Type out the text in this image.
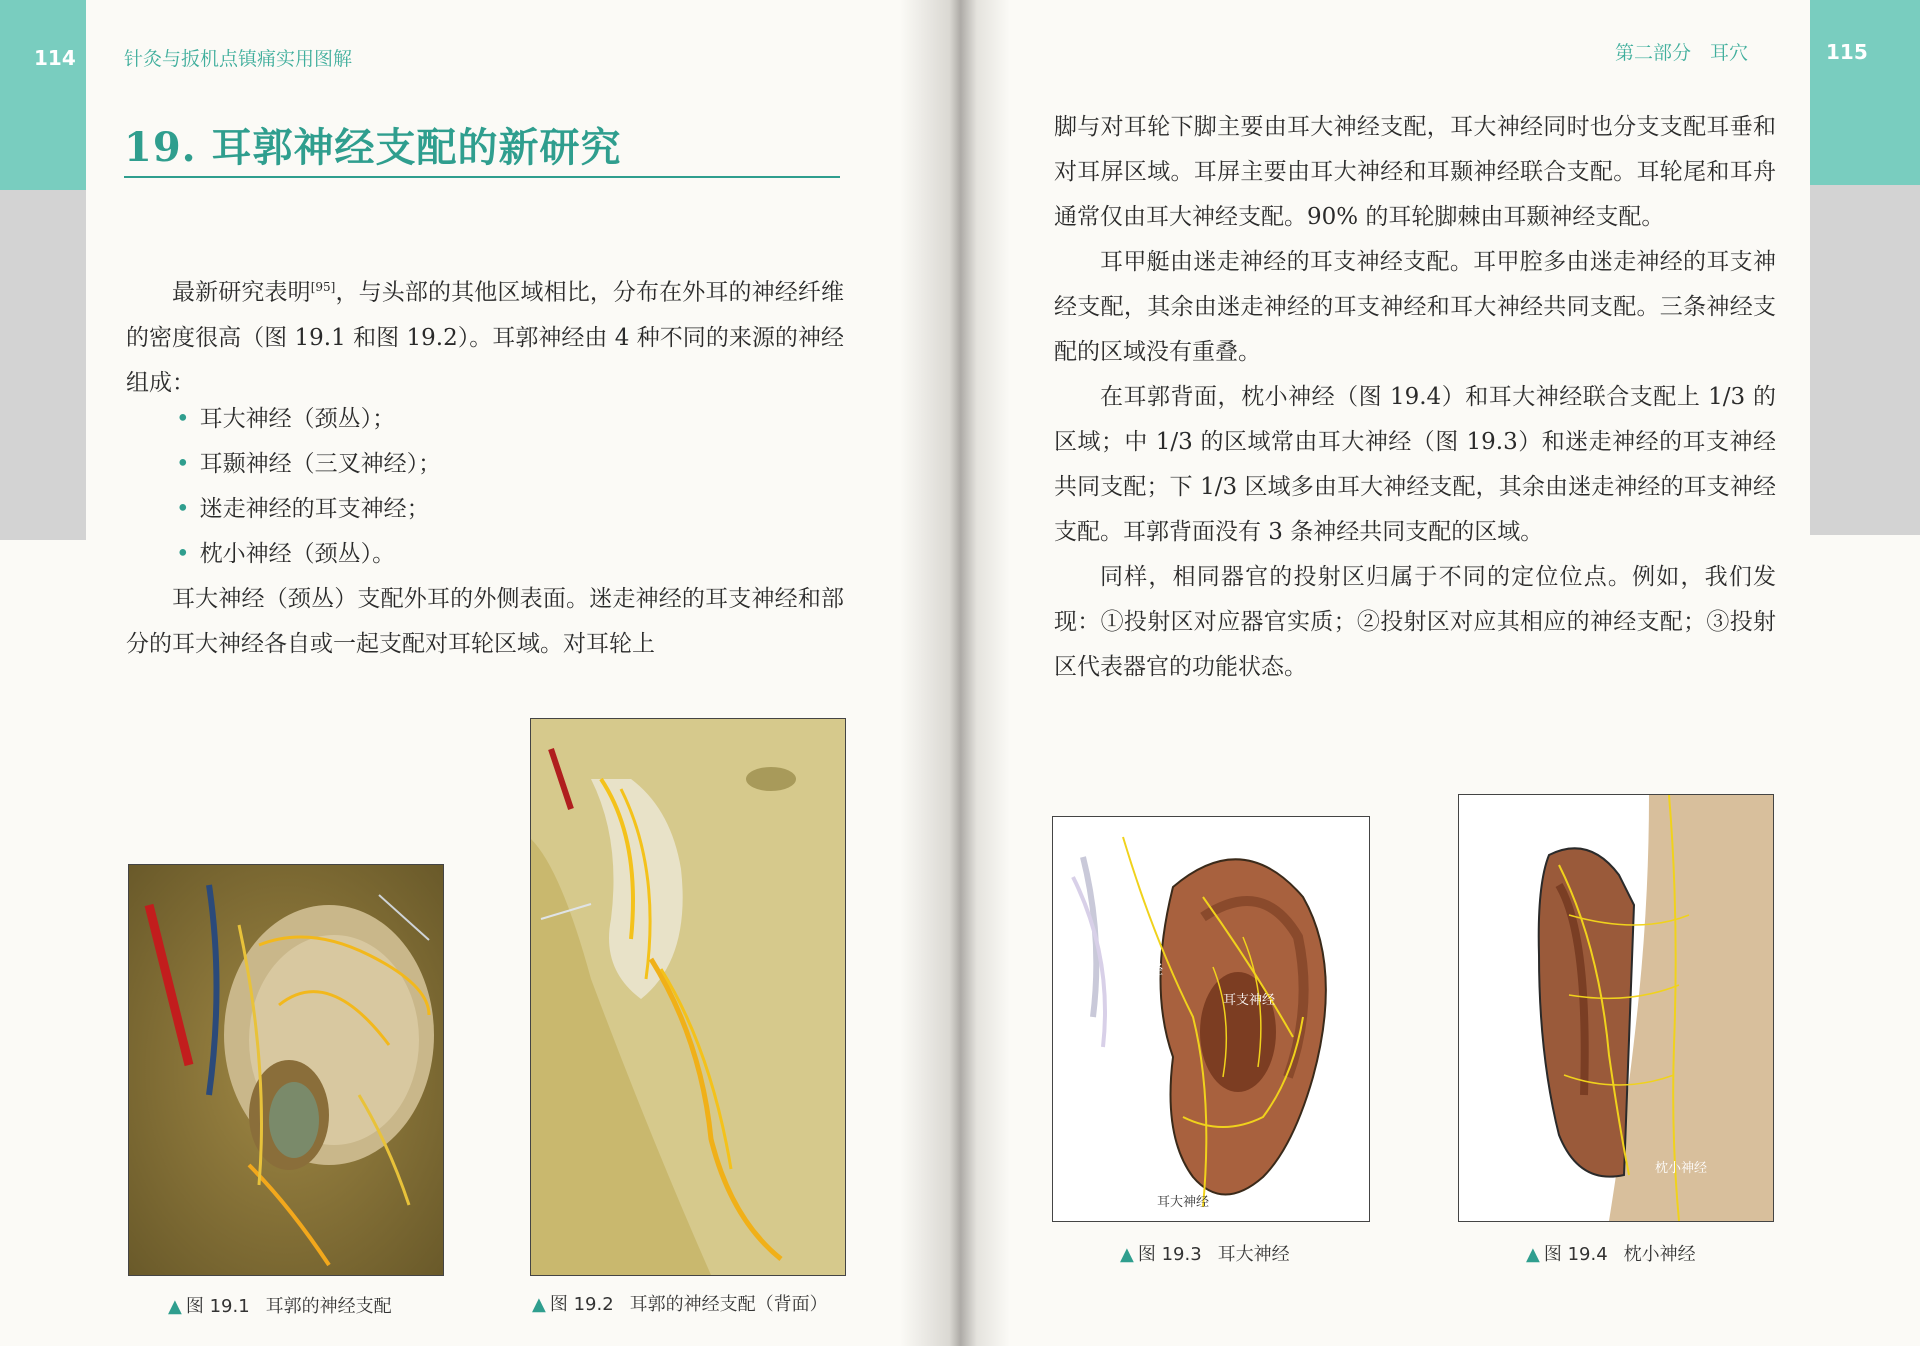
114	针灸与扳机点镇痛实用图解
19. 耳郭神经支配的新研究

最新研究表明[95]，与头部的其他区域相比，分布在外耳的神经纤维的密度很高（图 19.1 和图 19.2）。耳郭神经由 4 种不同的来源的神经组成：

• 耳大神经（颈丛）；
• 耳颞神经（三叉神经）；
• 迷走神经的耳支神经；
• 枕小神经（颈丛）。

耳大神经（颈丛）支配外耳的外侧表面。迷走神经的耳支神经和部分的耳大神经各自或一起支配对耳轮区域。对耳轮上

▲ 图 19.1 耳郭的神经支配	▲ 图 19.2 耳郭的神经支配（背面）
115
第二部分　耳穴

脚与对耳轮下脚主要由耳大神经支配，耳大神经同时也分支支配耳垂和对耳屏区域。耳屏主要由耳大神经和耳颞神经联合支配。耳轮尾和耳舟通常仅由耳大神经支配。90% 的耳轮脚棘由耳颞神经支配。

耳甲艇由迷走神经的耳支神经支配。耳甲腔多由迷走神经的耳支神经支配，其余由迷走神经的耳支神经和耳大神经共同支配。三条神经支配的区域没有重叠。

在耳郭背面，枕小神经（图 19.4）和耳大神经联合支配上 1/3 的区域；中 1/3 的区域常由耳大神经（图 19.3）和迷走神经的耳支神经共同支配；下 1/3 区域多由耳大神经支配，其余由迷走神经的耳支神经支配。耳郭背面没有 3 条神经共同支配的区域。

同样，相同器官的投射区归属于不同的定位位点。例如，我们发现：①投射区对应器官实质；②投射区对应其相应的神经支配；③投射区代表器官的功能状态。

耳颞神经
耳支神经
耳大神经
▲ 图 19.3 耳大神经
枕小神经
▲ 图 19.4 枕小神经
